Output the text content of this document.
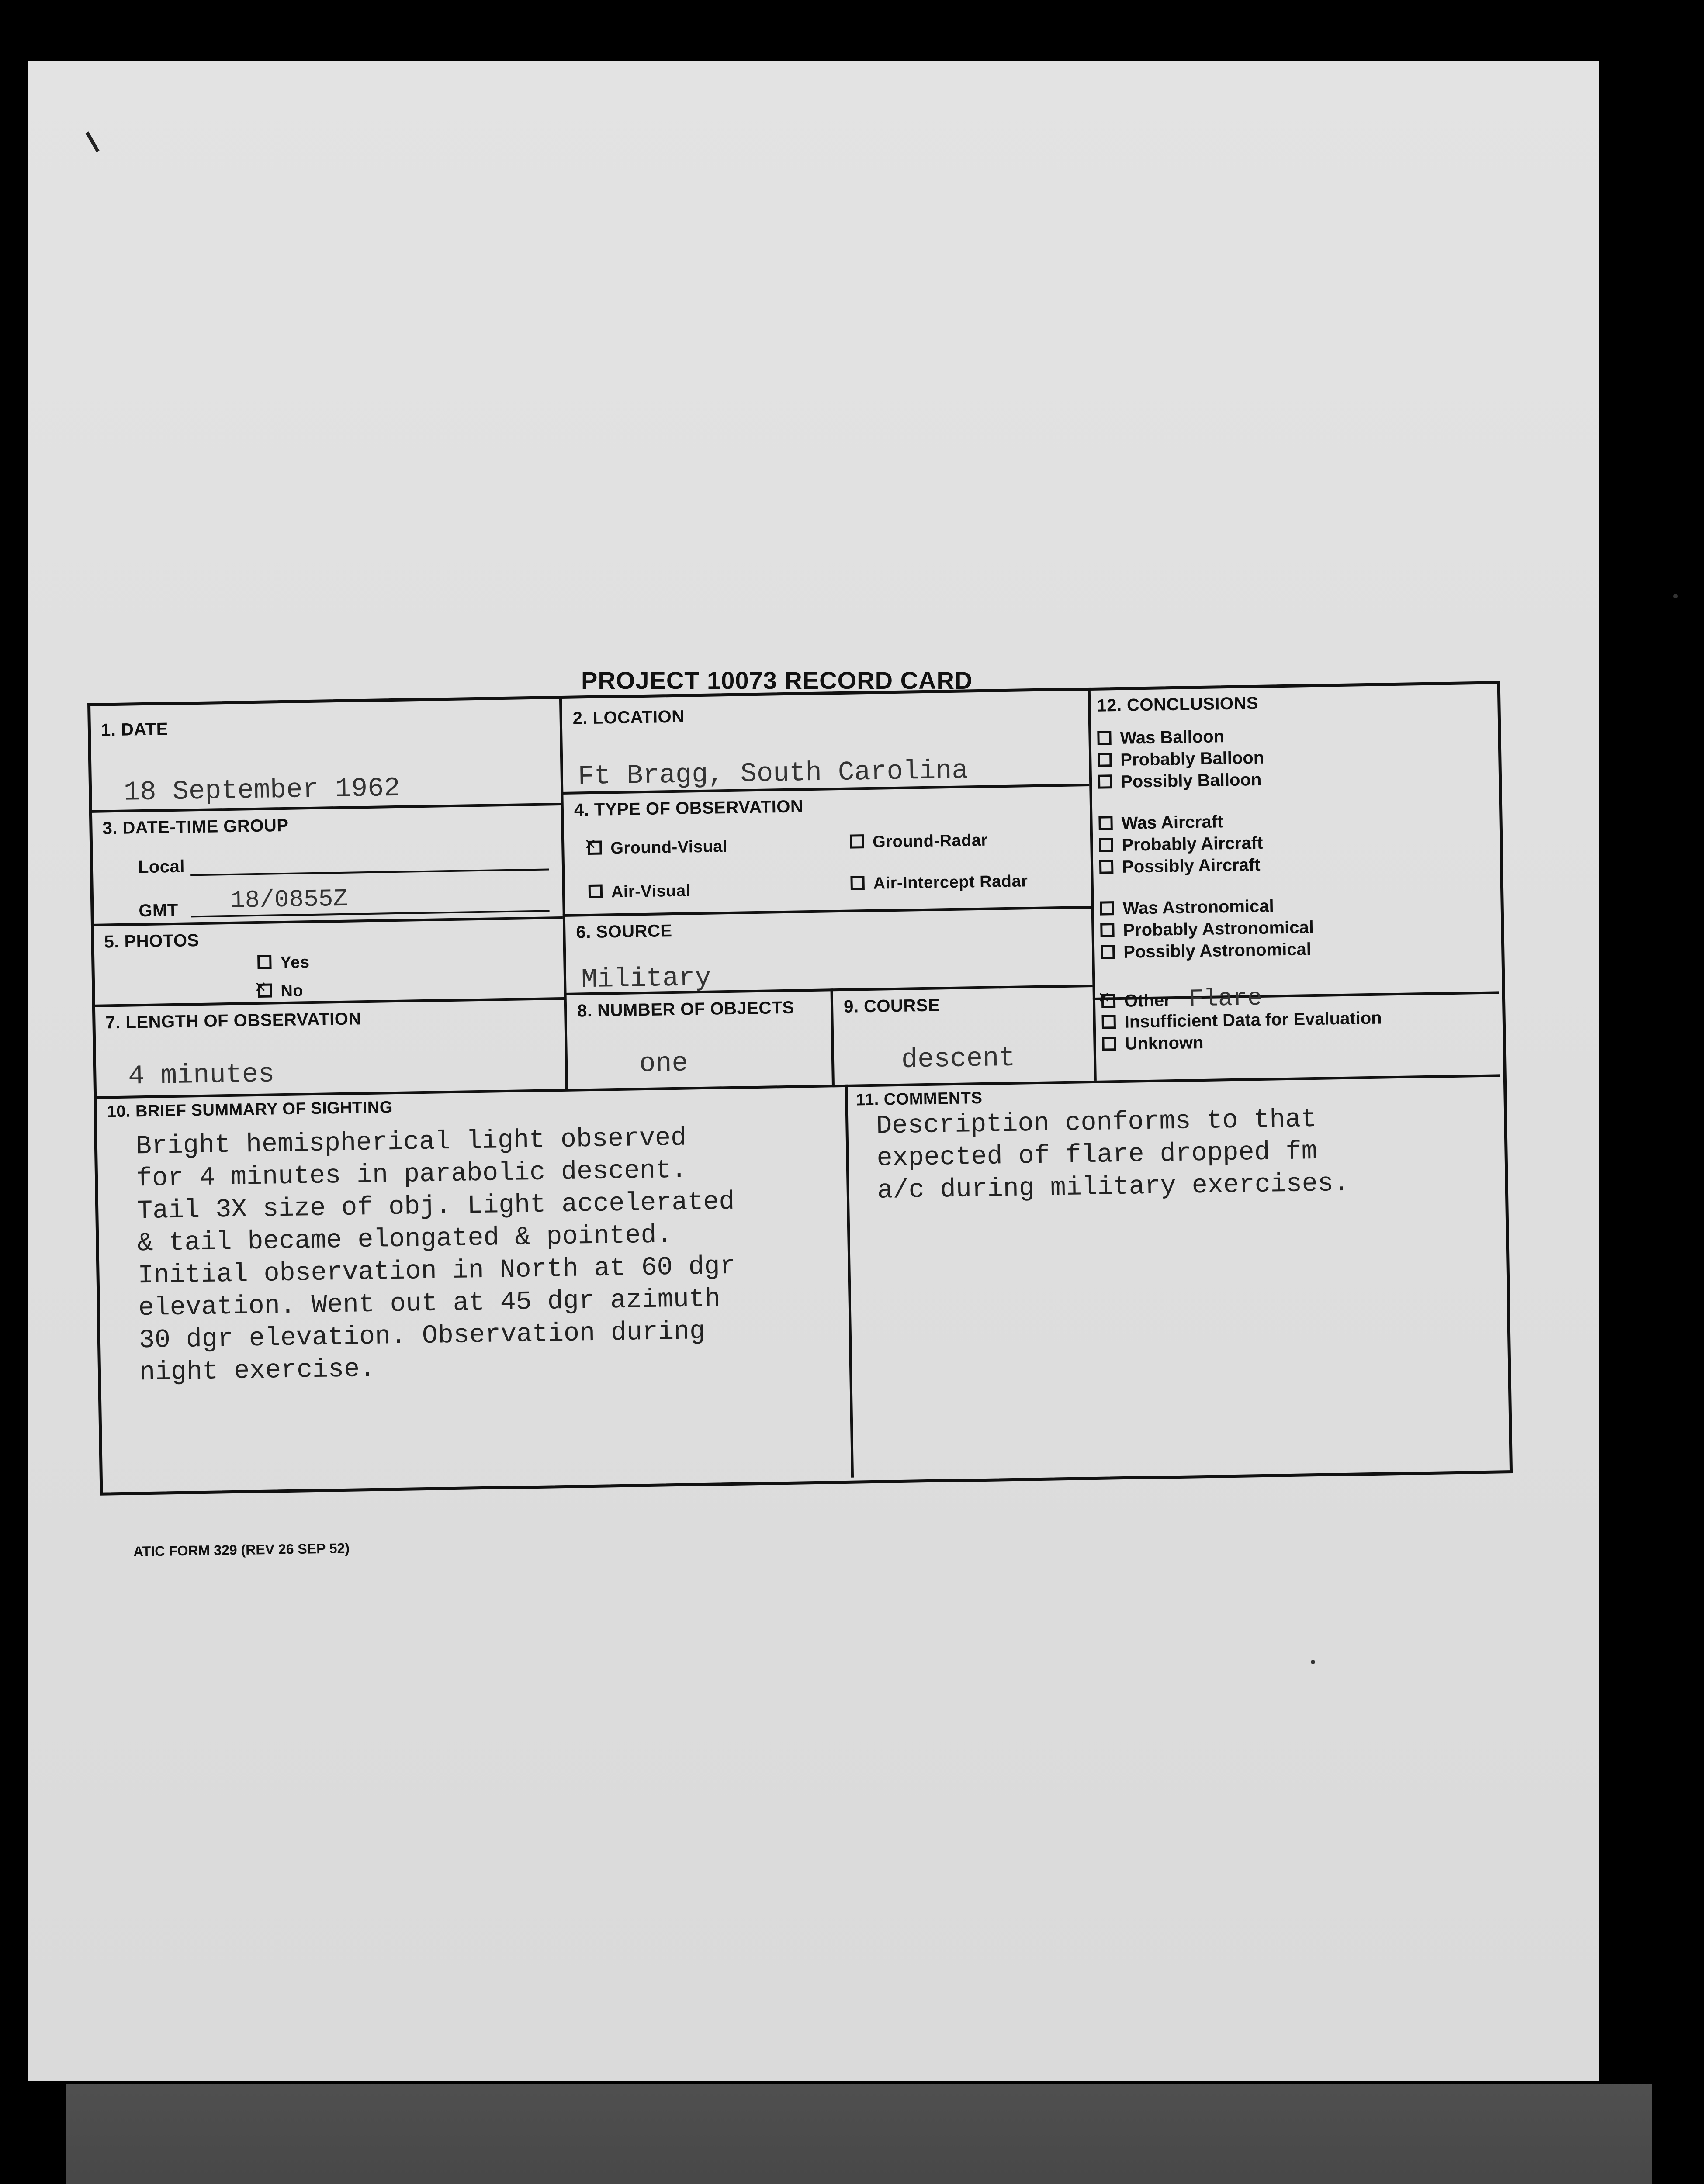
PROJECT 10073 RECORD CARD
1. DATE
18 September 1962
2. LOCATION
Ft Bragg, South Carolina
3. DATE-TIME GROUP
Local
GMT 18/0855Z
4. TYPE OF OBSERVATION
×Ground-Visual	Ground-Radar
Air-Visual	Air-Intercept Radar
5. PHOTOS
Yes
×No
6. SOURCE
Military
7. LENGTH OF OBSERVATION
4 minutes
8. NUMBER OF OBJECTS
one
9. COURSE
descent
10. BRIEF SUMMARY OF SIGHTING
Bright hemispherical light observed
for 4 minutes in parabolic descent.
Tail 3X size of obj. Light accelerated
& tail became elongated & pointed.
Initial observation in North at 60 dgr
elevation. Went out at 45 dgr azimuth
30 dgr elevation. Observation during
night exercise.
11. COMMENTS
Description conforms to that
expected of flare dropped fm
a/c during military exercises.
12. CONCLUSIONS
Was Balloon
Probably Balloon
Possibly Balloon
Was Aircraft
Probably Aircraft
Possibly Aircraft
Was Astronomical
Probably Astronomical
Possibly Astronomical
×Other Flare
Insufficient Data for Evaluation
Unknown
ATIC FORM 329 (REV 26 SEP 52)
